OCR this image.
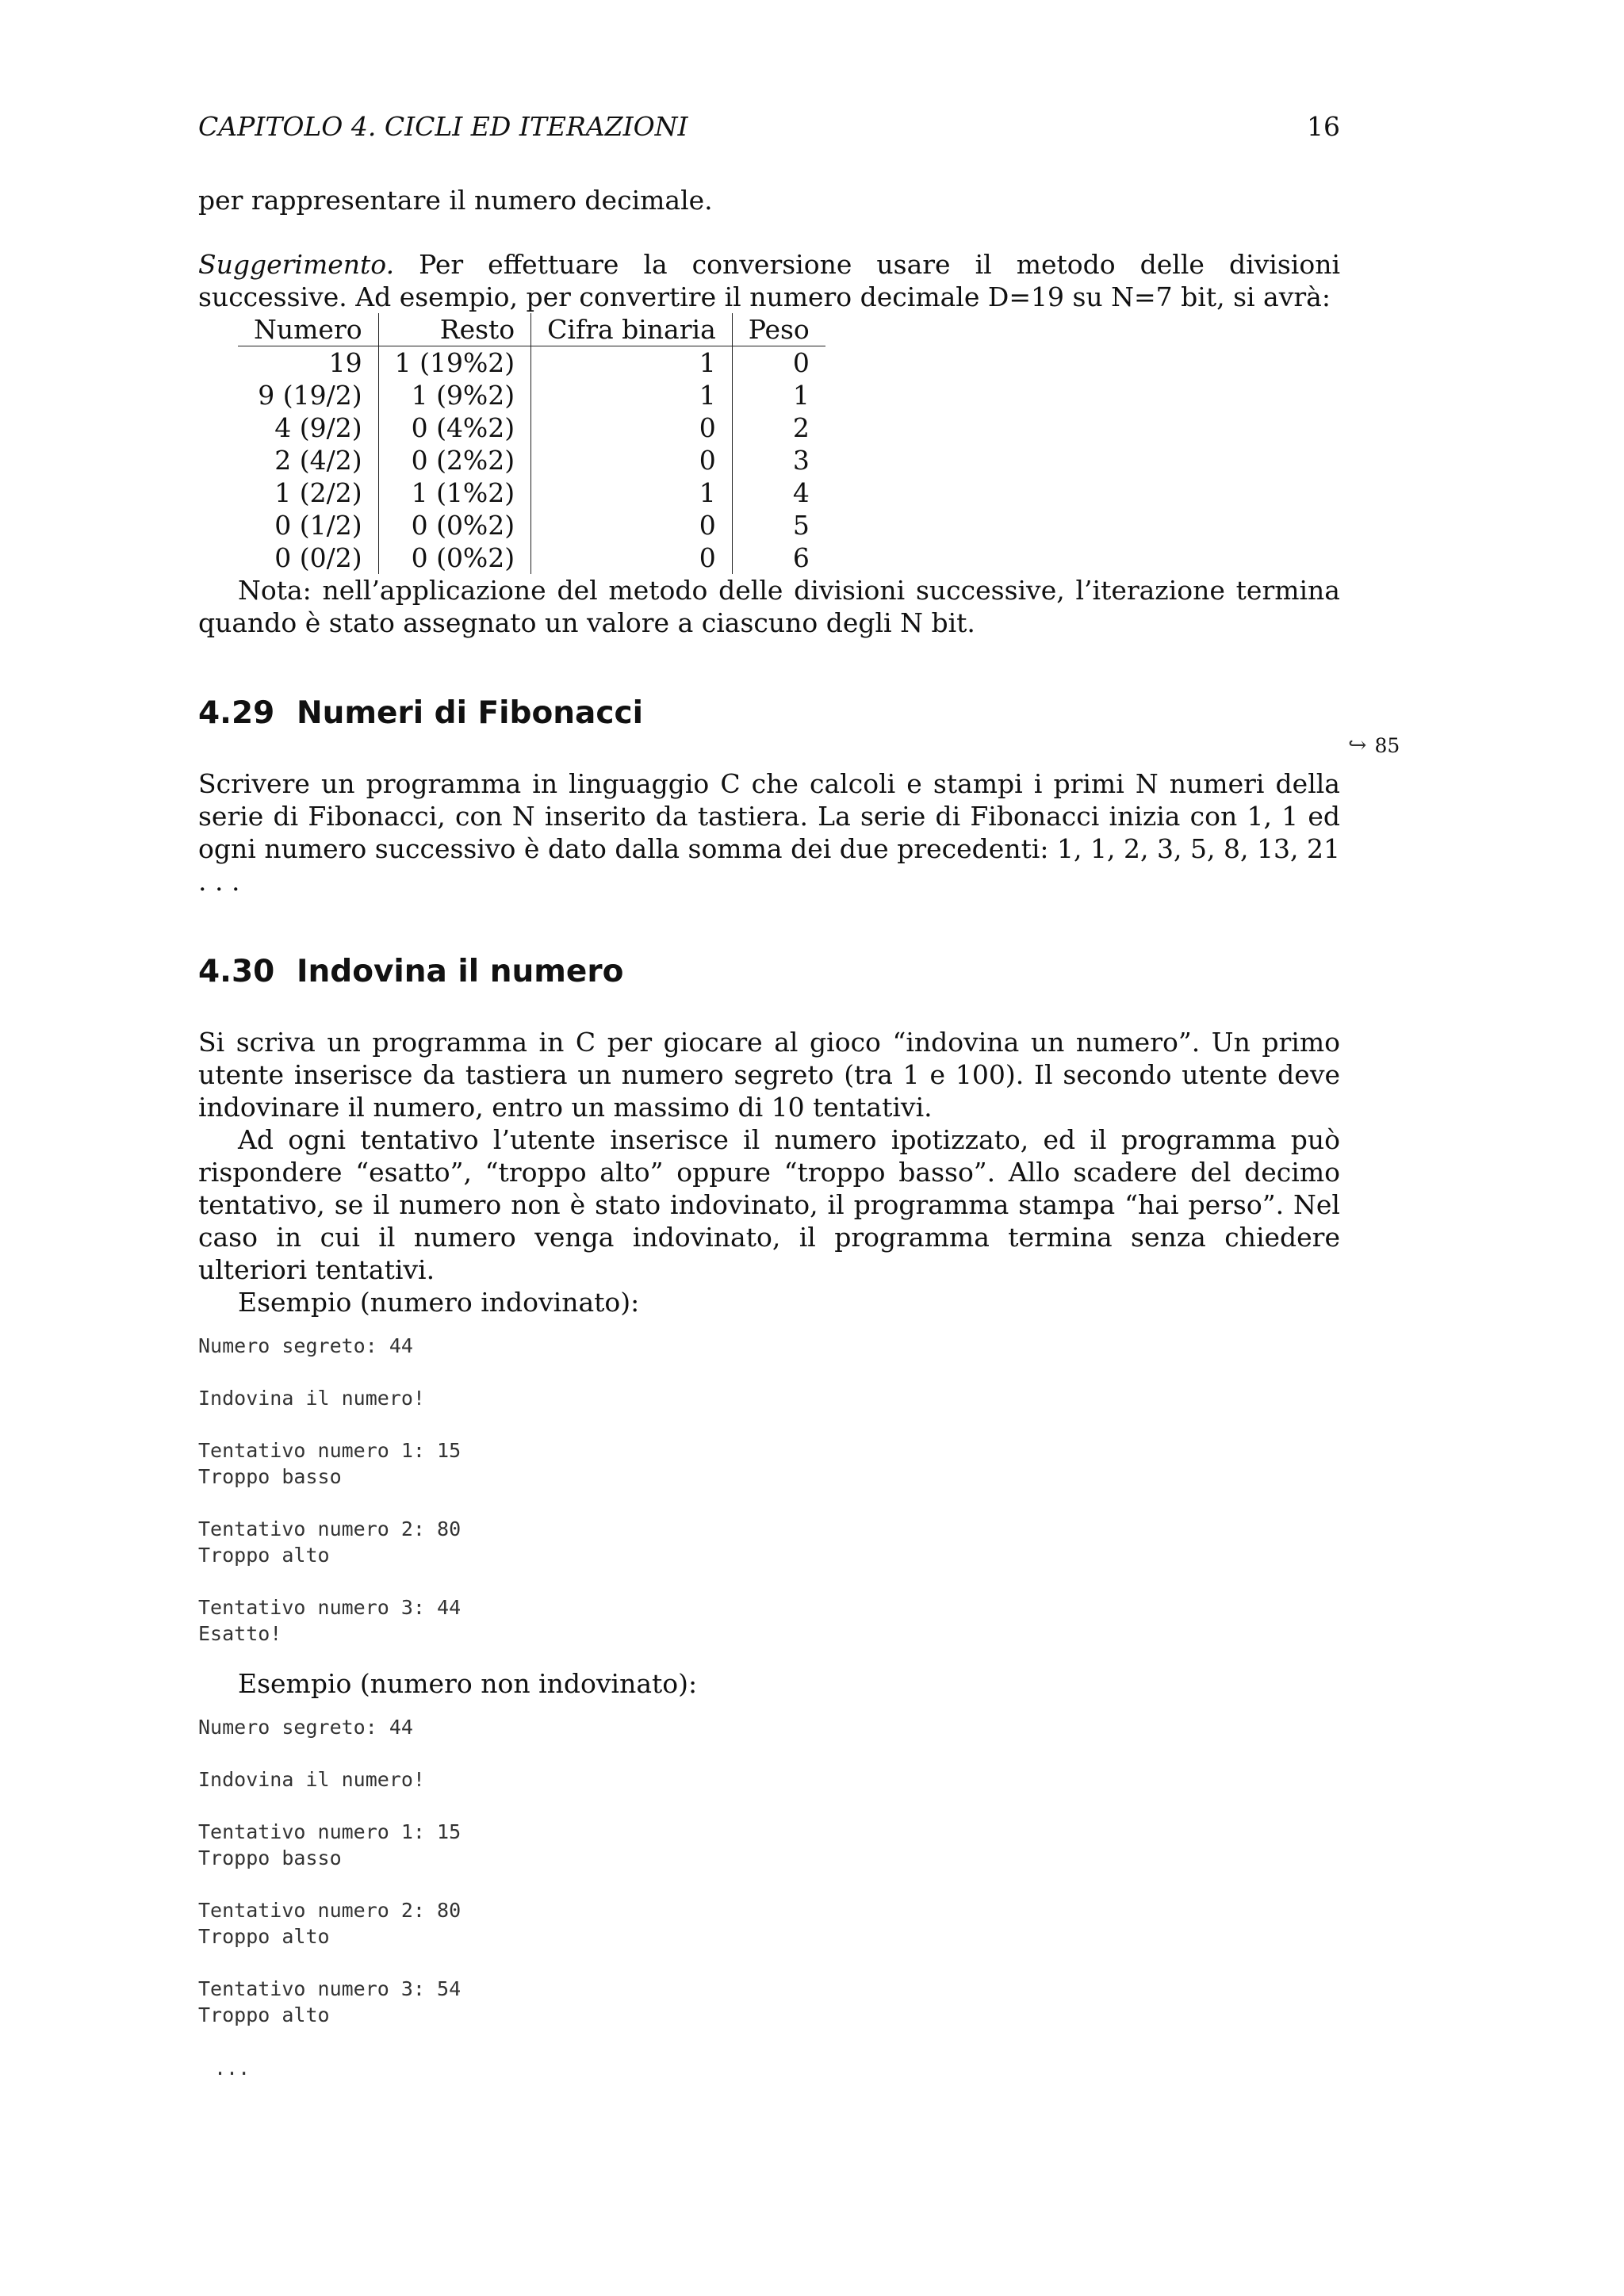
CAPITOLO 4. CICLI ED ITERAZIONI	16

per rappresentare il numero decimale.

Suggerimento. Per effettuare la conversione usare il metodo delle divisioni successive. Ad esempio, per convertire il numero decimale D=19 su N=7 bit, si avrà:

Numero	Resto	Cifra binaria	Peso
19	1 (19%2)	1	0
9 (19/2)	1 (9%2)	1	1
4 (9/2)	0 (4%2)	0	2
2 (4/2)	0 (2%2)	0	3
1 (2/2)	1 (1%2)	1	4
0 (1/2)	0 (0%2)	0	5
0 (0/2)	0 (0%2)	0	6

Nota: nell’applicazione del metodo delle divisioni successive, l’iterazione termina quando è stato assegnato un valore a ciascuno degli N bit.

4.29 Numeri di Fibonacci
↪ 85

Scrivere un programma in linguaggio C che calcoli e stampi i primi N numeri della serie di Fibonacci, con N inserito da tastiera. La serie di Fibonacci inizia con 1, 1 ed ogni numero successivo è dato dalla somma dei due precedenti: 1, 1, 2, 3, 5, 8, 13, 21 . . .

4.30 Indovina il numero

Si scriva un programma in C per giocare al gioco “indovina un numero”. Un primo utente inserisce da tastiera un numero segreto (tra 1 e 100). Il secondo utente deve indovinare il numero, entro un massimo di 10 tentativi.

Ad ogni tentativo l’utente inserisce il numero ipotizzato, ed il programma può rispondere “esatto”, “troppo alto” oppure “troppo basso”. Allo scadere del decimo tentativo, se il numero non è stato indovinato, il programma stampa “hai perso”. Nel caso in cui il numero venga indovinato, il programma termina senza chiedere ulteriori tentativi.

Esempio (numero indovinato):

Numero segreto: 44

Indovina il numero!

Tentativo numero 1: 15
Troppo basso

Tentativo numero 2: 80
Troppo alto

Tentativo numero 3: 44
Esatto!

Esempio (numero non indovinato):

Numero segreto: 44

Indovina il numero!

Tentativo numero 1: 15
Troppo basso

Tentativo numero 2: 80
Troppo alto

Tentativo numero 3: 54
Troppo alto
...
